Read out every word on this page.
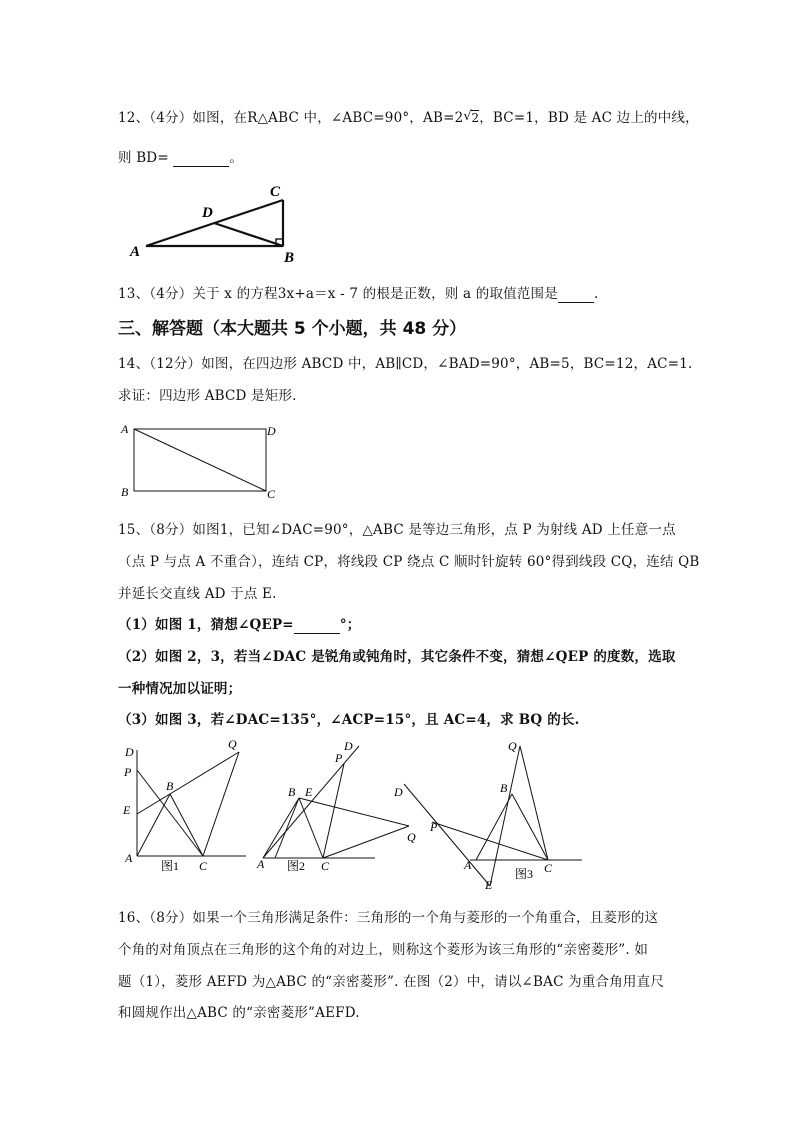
12、（4分）如图，在R△ABC 中，∠ABC=90°，AB=2√ 2，BC=1，BD 是 AC 边上的中线，
则 BD=	。
A	B
C
D
13、（4分）关于 x 的方程3x+a＝x - 7 的根是正数，则 a 的取值范围是	.
三、解答题（本大题共 5 个小题，共 48 分）
14、（12分）如图，在四边形 ABCD 中，AB∥CD，∠BAD=90°，AB=5，BC=12，AC=1.
求证：四边形 ABCD 是矩形.
A
B	C
D
15、（8分）如图1，已知∠DAC=90°，△ABC 是等边三角形，点 P 为射线 AD 上任意一点
（点 P 与点 A 不重合），连结 CP，将线段 CP 绕点 C 顺时针旋转 60°得到线段 CQ，连结 QB
并延长交直线 AD 于点 E.
（1）如图 1，猜想∠QEP=	°；
（2）如图 2，3，若当∠DAC 是锐角或钝角时，其它条件不变，猜想∠QEP 的度数，选取
一种情况加以证明；
（3）如图 3，若∠DAC=135°，∠ACP=15°，且 AC=4，求 BQ 的长.
D
P
E
A
B
C
Q
图1
D
P
B E
A	C
Q
图2
Q
D	B
P
A
E
C
图3
16、（8分）如果一个三角形满足条件：三角形的一个角与菱形的一个角重合，且菱形的这
个角的对角顶点在三角形的这个角的对边上，则称这个菱形为该三角形的“亲密菱形”. 如
题（1），菱形 AEFD 为△ABC 的“亲密菱形”. 在图（2）中，请以∠BAC 为重合角用直尺
和圆规作出△ABC 的“亲密菱形”AEFD.
